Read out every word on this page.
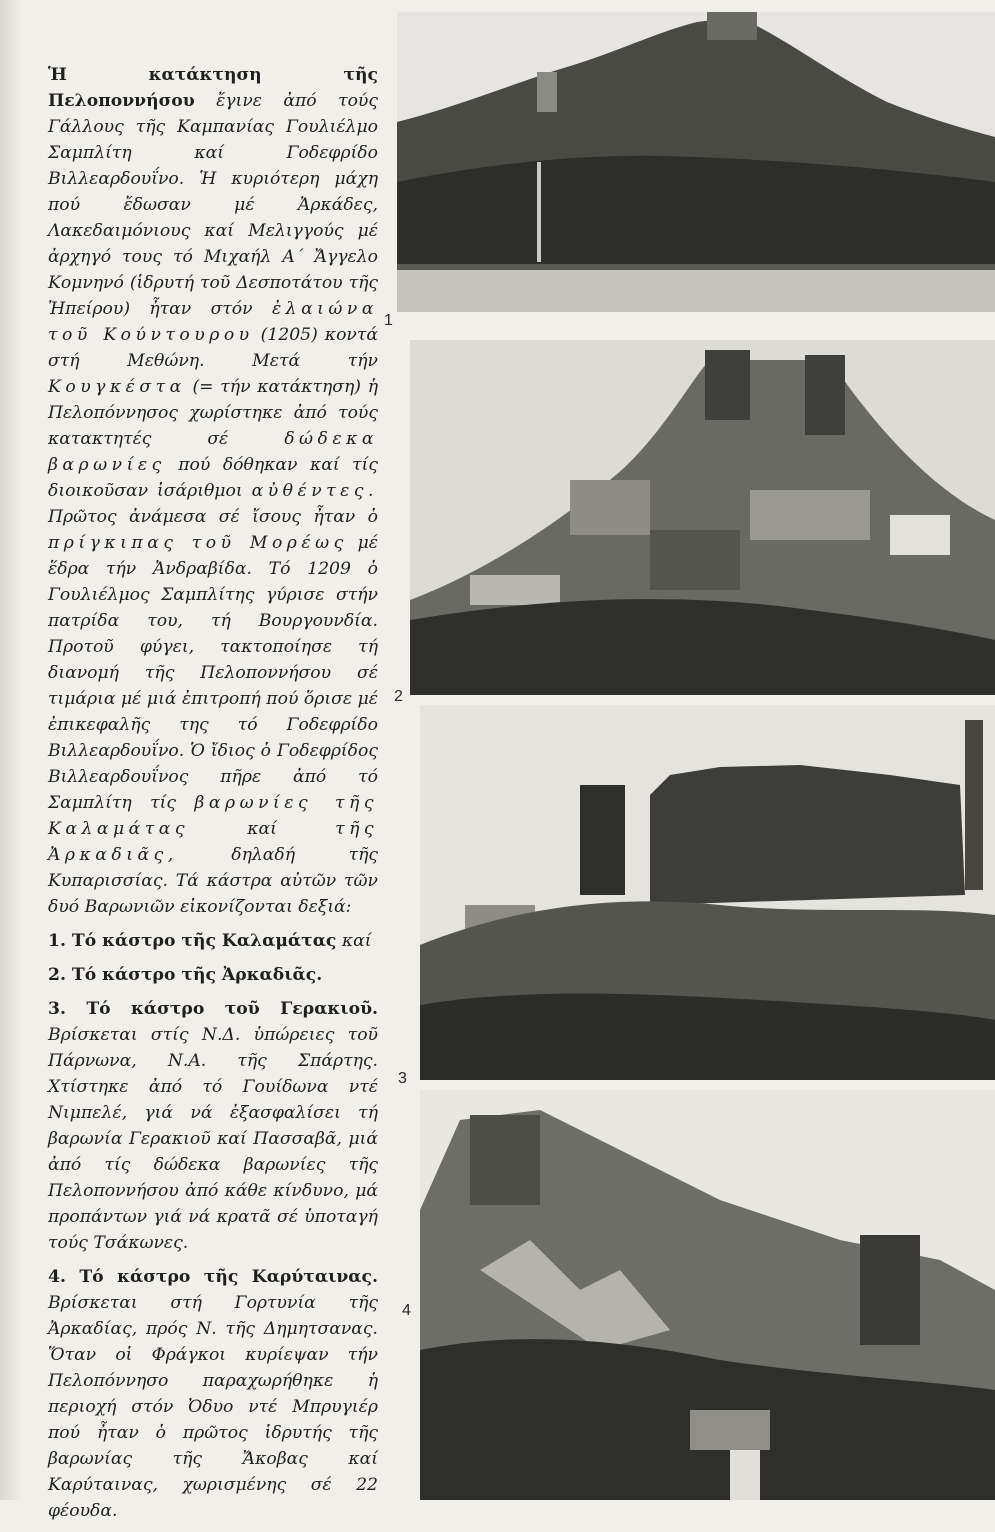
Ἡ κατάκτηση τῆς Πελοποννήσου ἔγινε ἀπό τούς Γάλλους τῆς Καμπανίας Γουλιέλμο Σαμπλίτη καί Γοδεφρίδο Βιλλεαρδουΐνο. Ἡ κυριότερη μάχη πού ἔδωσαν μέ Ἀρκάδες, Λακεδαιμόνιους καί Μελιγγούς μέ ἀρχηγό τους τό Μιχαήλ Α΄ Ἄγγελο Κομνηνό (ἱδρυτή τοῦ Δεσποτάτου τῆς Ἠπείρου) ἦταν στόν ἐλαιώνα τοῦ Κούντουρου (1205) κοντά στή Μεθώνη. Μετά τήν Κουγκέστα (= τήν κατάκτηση) ἡ Πελοπόννησος χωρίστηκε ἀπό τούς κατακτητές σέ	δώδεκα βαρωνίες πού δόθηκαν καί τίς διοικοῦσαν ἰσάριθμοι αὐθέντες. Πρῶτος ἀνάμεσα σέ ἴσους ἦταν ὁ πρίγκιπας τοῦ Μορέως μέ ἕδρα τήν Ἀνδραβίδα. Τό 1209 ὁ Γουλιέλμος Σαμπλίτης γύρισε στήν πατρίδα του, τή Βουργουνδία. Προτοῦ φύγει, τακτοποίησε τή διανομή τῆς Πελοποννήσου σέ τιμάρια μέ μιά ἐπιτροπή πού ὅρισε μέ ἐπικεφαλῆς της τό Γοδεφρίδο Βιλλεαρδουΐνο. Ὁ ἴδιος ὁ Γοδεφρίδος Βιλλεαρδουΐνος πῆρε ἀπό τό Σαμπλίτη τίς βαρωνίες τῆς Καλαμάτας	καί	τῆς Ἀρκαδιᾶς,	δηλαδή τῆς Κυπαρισσίας. Τά κάστρα αὐτῶν τῶν δυό Βαρωνιῶν εἰκονίζονται δεξιά:

1. Τό κάστρο τῆς Καλαμάτας καί

2. Τό κάστρο τῆς Ἀρκαδιᾶς.

3. Τό κάστρο τοῦ Γερακιοῦ. Βρίσκεται στίς Ν.Δ. ὑπώρειες τοῦ Πάρνωνα, Ν.Α. τῆς Σπάρτης. Χτίστηκε ἀπό τό Γουίδωνα ντέ Νιμπελέ, γιά νά ἐξασφαλίσει τή βαρωνία Γερακιοῦ καί Πασσαβᾶ, μιά ἀπό τίς δώδεκα βαρωνίες τῆς Πελοποννήσου ἀπό κάθε κίνδυνο, μά προπάντων γιά νά κρατᾶ σέ ὑποταγή τούς Τσάκωνες.

4. Τό κάστρο τῆς Καρύταινας. Βρίσκεται στή Γορτυνία τῆς Ἀρκαδίας, πρός Ν. τῆς Δημητσανας. Ὅταν οἱ Φράγκοι κυρίεψαν τήν Πελοπόννησο παραχωρήθηκε ἡ περιοχή στόν Ὀδυο ντέ Μπρυγιέρ πού ἦταν ὁ πρῶτος ἱδρυτής τῆς βαρωνίας τῆς Ἄκοβας καί Καρύταινας, χωρισμένης σέ 22 φέουδα.

1
2
3
4
